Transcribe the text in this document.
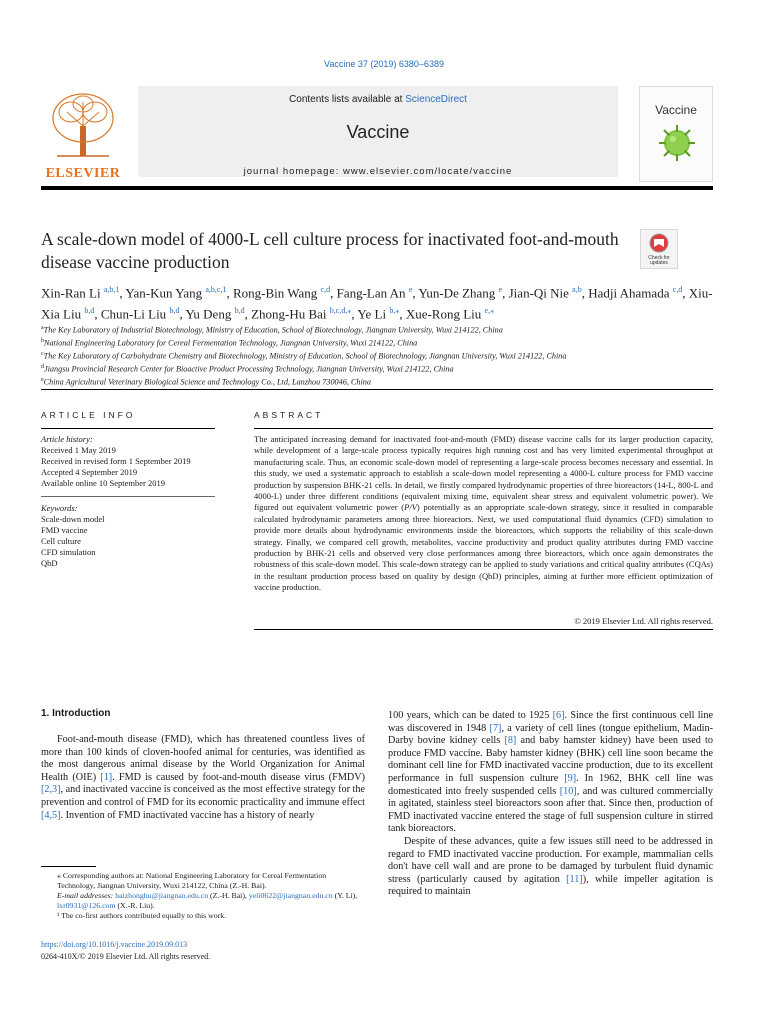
Vaccine 37 (2019) 6380–6389
ELSEVIER
Contents lists available at ScienceDirect
Vaccine
journal homepage: www.elsevier.com/locate/vaccine
Vaccine
A scale-down model of 4000-L cell culture process for inactivated foot-and-mouth disease vaccine production	Check for
updates
Xin-Ran Li $^{a,b,1}$, Yan-Kun Yang $^{a,b,c,1}$, Rong-Bin Wang $^{c,d}$, Fang-Lan An $^e$, Yun-De Zhang $^e$, Jian-Qi Nie $^{a,b}$, Hadji Ahamada $^{c,d}$, Xiu-Xia Liu $^{b,d}$, Chun-Li Liu $^{b,d}$, Yu Deng $^{b,d}$, Zhong-Hu Bai $^{b,c,d,⁎}$, Ye Li $^{b,⁎}$, Xue-Rong Liu $^{e,⁎}$
$^a$The Key Laboratory of Industrial Biotechnology, Ministry of Education, School of Biotechnology, Jiangnan University, Wuxi 214122, China
$^b$National Engineering Laboratory for Cereal Fermentation Technology, Jiangnan University, Wuxi 214122, China
$^c$The Key Laboratory of Carbohydrate Chemistry and Biotechnology, Ministry of Education, School of Biotechnology, Jiangnan University, Wuxi 214122, China
$^d$Jiangsu Provincial Research Center for Bioactive Product Processing Technology, Jiangnan University, Wuxi 214122, China
$^e$China Agricultural Veterinary Biological Science and Technology Co., Ltd, Lanzhou 730046, China
ARTICLE INFO	ABSTRACT
Article history:
Received 1 May 2019
Received in revised form 1 September 2019
Accepted 4 September 2019
Available online 10 September 2019
Keywords:
Scale-down model
FMD vaccine
Cell culture
CFD simulation
QbD
The anticipated increasing demand for inactivated foot-and-mouth (FMD) disease vaccine calls for its larger production capacity, while development of a large-scale process typically requires high running cost and has very limited experimental throughput at manufacturing scale. Thus, an economic scale-down model of representing a large-scale process becomes necessary and essential. In this study, we used a systematic approach to establish a scale-down model representing a 4000-L culture process for FMD vaccine production by suspension BHK-21 cells. In detail, we firstly compared hydrodynamic properties of three bioreactors (14-L, 800-L and 4000-L) under three different conditions (equivalent mixing time, equivalent shear stress and equivalent volumetric power). We figured out equivalent volumetric power (P/V) potentially as an appropriate scale-down strategy, since it resulted in comparable calculated hydrodynamic parameters among three bioreactors. Next, we used computational fluid dynamics (CFD) simulation to provide more details about hydrodynamic environments inside the bioreactors, which supports the reliability of this scale-down strategy. Finally, we compared cell growth, metabolites, vaccine productivity and product quality attributes during FMD vaccine production by BHK-21 cells and observed very close performances among three bioreactors, which once again demonstrates the robustness of this scale-down model. This scale-down strategy can be applied to study variations and critical quality attributes (CQAs) in the resultant production process based on quality by design (QbD) principles, aiming at further more efficient optimization of vaccine production.
© 2019 Elsevier Ltd. All rights reserved.
1. Introduction
Foot-and-mouth disease (FMD), which has threatened countless lives of more than 100 kinds of cloven-hoofed animal for centuries, was identified as the most dangerous animal disease by the World Organization for Animal Health (OIE) [1]. FMD is caused by foot-and-mouth disease virus (FMDV) [2,3], and inactivated vaccine is conceived as the most effective strategy for the prevention and control of FMD for its economic practicality and immune effect [4,5]. Invention of FMD inactivated vaccine has a history of nearly

100 years, which can be dated to 1925 [6]. Since the first continuous cell line was discovered in 1948 [7], a variety of cell lines (tongue epithelium, Madin-Darby bovine kidney cells [8] and baby hamster kidney) have been used to produce FMD vaccine. Baby hamster kidney (BHK) cell line soon became the dominant cell line for FMD inactivated vaccine production, due to its excellent performance in full suspension culture [9]. In 1962, BHK cell line was domesticated into freely suspended cells [10], and was cultured commercially in agitated, stainless steel bioreactors soon after that. Since then, production of FMD inactivated vaccine entered the stage of full suspension culture in stirred tank bioreactors.

Despite of these advances, quite a few issues still need to be addressed in regard to FMD inactivated vaccine production. For example, mammalian cells don't have cell wall and are prone to be damaged by turbulent fluid dynamic stress (particularly caused by agitation [11]), while impeller agitation is required to maintain

⁎ Corresponding authors at: National Engineering Laboratory for Cereal Fermentation Technology, Jiangnan University, Wuxi 214122, China (Z.-H. Bai).

E-mail addresses: baizhonghu@jiangnan.edu.cn (Z.-H. Bai), yeli0622@jiangnan.edu.cn (Y. Li), lxr0931@126.com (X.-R. Liu).

¹ The co-first authors contributed equally to this work.

https://doi.org/10.1016/j.vaccine.2019.09.013
0264-410X/© 2019 Elsevier Ltd. All rights reserved.
